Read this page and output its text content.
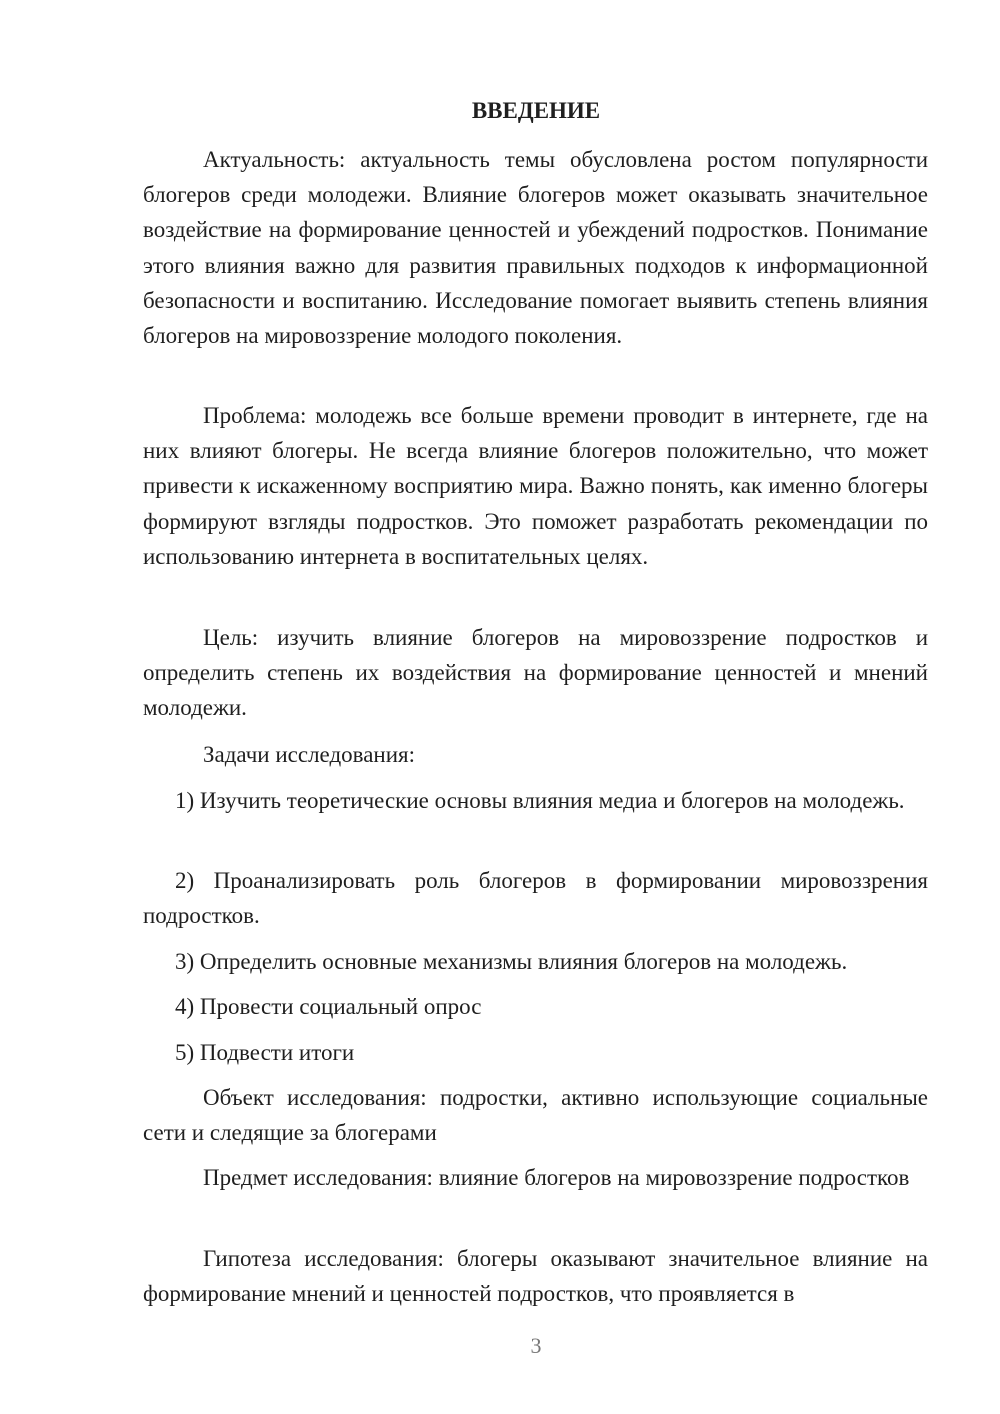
ВВЕДЕНИЕ

Актуальность: актуальность темы обусловлена ростом популярности блогеров среди молодежи. Влияние блогеров может оказывать значительное воздействие на формирование ценностей и убеждений подростков. Понимание этого влияния важно для развития правильных подходов к информационной безопасности и воспитанию. Исследование помогает выявить степень влияния блогеров на мировоззрение молодого поколения.

Проблема: молодежь все больше времени проводит в интернете, где на них влияют блогеры. Не всегда влияние блогеров положительно, что может привести к искаженному восприятию мира. Важно понять, как именно блогеры формируют взгляды подростков. Это поможет разработать рекомендации по использованию интернета в воспитательных целях.

Цель: изучить влияние блогеров на мировоззрение подростков и определить степень их воздействия на формирование ценностей и мнений молодежи.

Задачи исследования:

1) Изучить теоретические основы влияния медиа и блогеров на молодежь.

2) Проанализировать роль блогеров в формировании мировоззрения подростков.

3) Определить основные механизмы влияния блогеров на молодежь.

4) Провести социальный опрос

5) Подвести итоги

Объект исследования: подростки, активно использующие социальные сети и следящие за блогерами

Предмет исследования: влияние блогеров на мировоззрение подростков

Гипотеза исследования: блогеры оказывают значительное влияние на формирование мнений и ценностей подростков, что проявляется в

3
